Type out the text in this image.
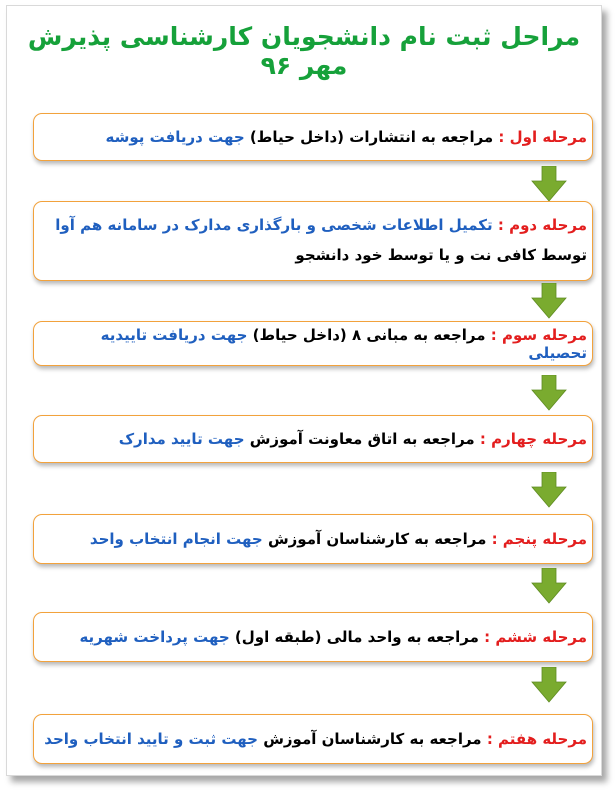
مراحل ثبت نام دانشجویان کارشناسی پذیرش مهر ۹۶
مرحله اول : مراجعه به انتشارات (داخل حیاط) جهت دریافت پوشه
مرحله دوم : تکمیل اطلاعات شخصی و بارگذاری مدارک در سامانه هم آوا
توسط کافی نت و یا توسط خود دانشجو
مرحله سوم : مراجعه به مبانی ۸ (داخل حیاط) جهت دریافت تاییدیه تحصیلی
مرحله چهارم : مراجعه به اتاق معاونت آموزش جهت تایید مدارک
مرحله پنجم : مراجعه به کارشناسان آموزش جهت انجام انتخاب واحد
مرحله ششم : مراجعه به واحد مالی (طبقه اول) جهت پرداخت شهریه
مرحله هفتم : مراجعه به کارشناسان آموزش جهت ثبت و تایید انتخاب واحد
